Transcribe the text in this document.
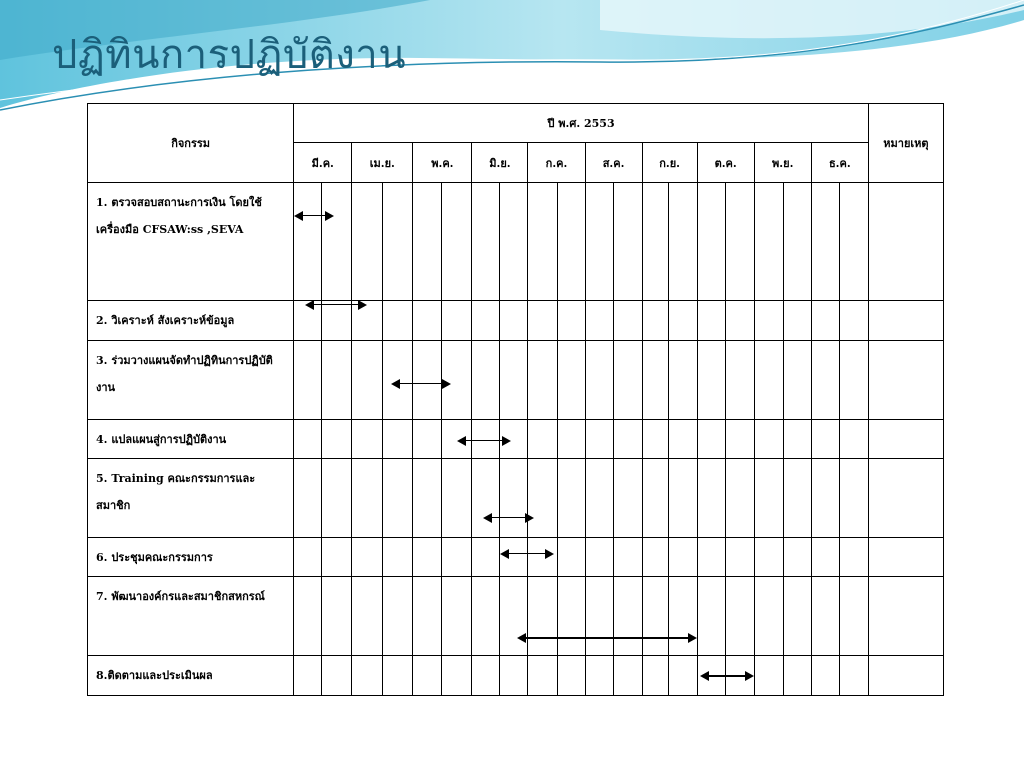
ปฏิทินการปฏิบัติงาน
กิจกรรม	ปี พ.ศ. 2553																				หมายเหตุ
	มี.ค.		เม.ย.		พ.ค.		มิ.ย.		ก.ค.		ส.ค.		ก.ย.		ต.ค.		พ.ย.		ธ.ค.		
1. ตรวจสอบสถานะการเงิน โดยใช้เครื่องมือ CFSAW:ss ,SEVA																					
2. วิเคราะห์ สังเคราะห์ข้อมูล																					
3. ร่วมวางแผนจัดทำปฏิทินการปฏิบัติงาน																					
4. แปลแผนสู่การปฏิบัติงาน																					
5. Training คณะกรรมการและสมาชิก																					
6. ประชุมคณะกรรมการ																					
7. พัฒนาองค์กรและสมาชิกสหกรณ์																					
8.ติดตามและประเมินผล																					
